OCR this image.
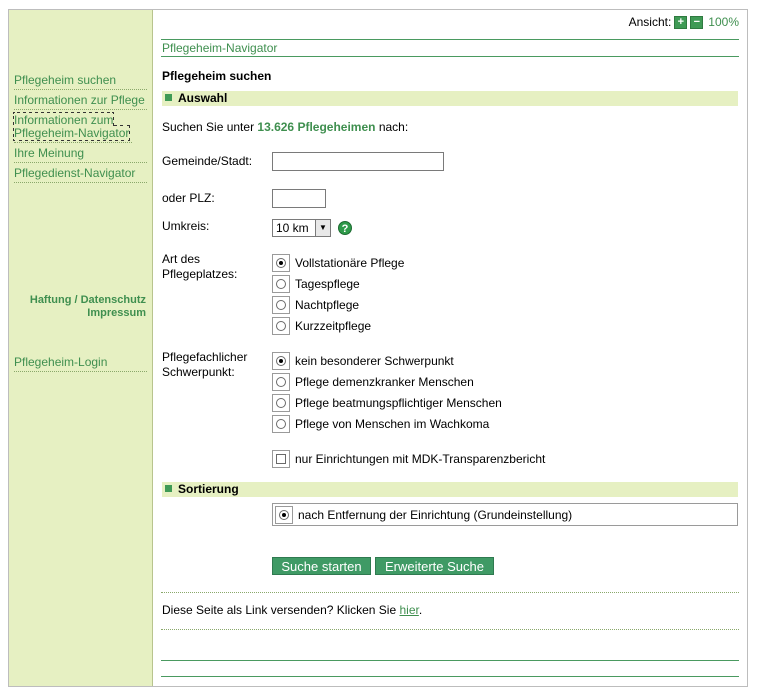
Pflegeheim suchen
Informationen zur Pflege
Informationen zum Pflegeheim-Navigator
Ihre Meinung
Pflegedienst-Navigator
Haftung / Datenschutz
Impressum
Pflegeheim-Login
Ansicht: + − 100%
Pflegeheim-Navigator
Pflegeheim suchen
Auswahl
Suchen Sie unter 13.626 Pflegeheimen nach:
Gemeinde/Stadt:
oder PLZ:
Umkreis:	10 km	▼	?
Art des
Pflegeplatzes:
Vollstationäre Pflege
Tagespflege
Nachtpflege
Kurzzeitpflege
Pflegefachlicher
Schwerpunkt:
kein besonderer Schwerpunkt
Pflege demenzkranker Menschen
Pflege beatmungspflichtiger Menschen
Pflege von Menschen im Wachkoma
nur Einrichtungen mit MDK-Transparenzbericht
Sortierung
nach Entfernung der Einrichtung (Grundeinstellung)
Suche starten	Erweiterte Suche
Diese Seite als Link versenden? Klicken Sie hier.
